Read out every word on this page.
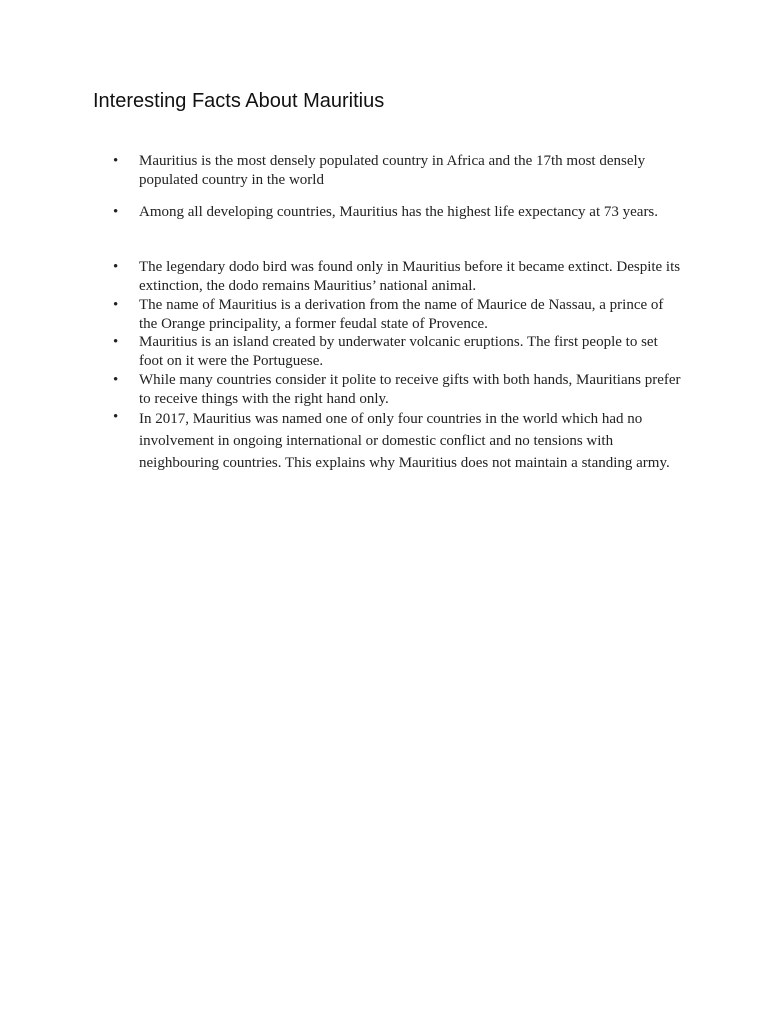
Interesting Facts About Mauritius
•	Mauritius is the most densely populated country in Africa and the 17th most densely populated country in the world
•	Among all developing countries, Mauritius has the highest life expectancy at 73 years.
•	The legendary dodo bird was found only in Mauritius before it became extinct. Despite its extinction, the dodo remains Mauritius’ national animal.
•	The name of Mauritius is a derivation from the name of Maurice de Nassau, a prince of the Orange principality, a former feudal state of Provence.
•	Mauritius is an island created by underwater volcanic eruptions. The first people to set foot on it were the Portuguese.
•	While many countries consider it polite to receive gifts with both hands, Mauritians prefer to receive things with the right hand only.
•	In 2017, Mauritius was named one of only four countries in the world which had no involvement in ongoing international or domestic conflict and no tensions with neighbouring countries. This explains why Mauritius does not maintain a standing army.
